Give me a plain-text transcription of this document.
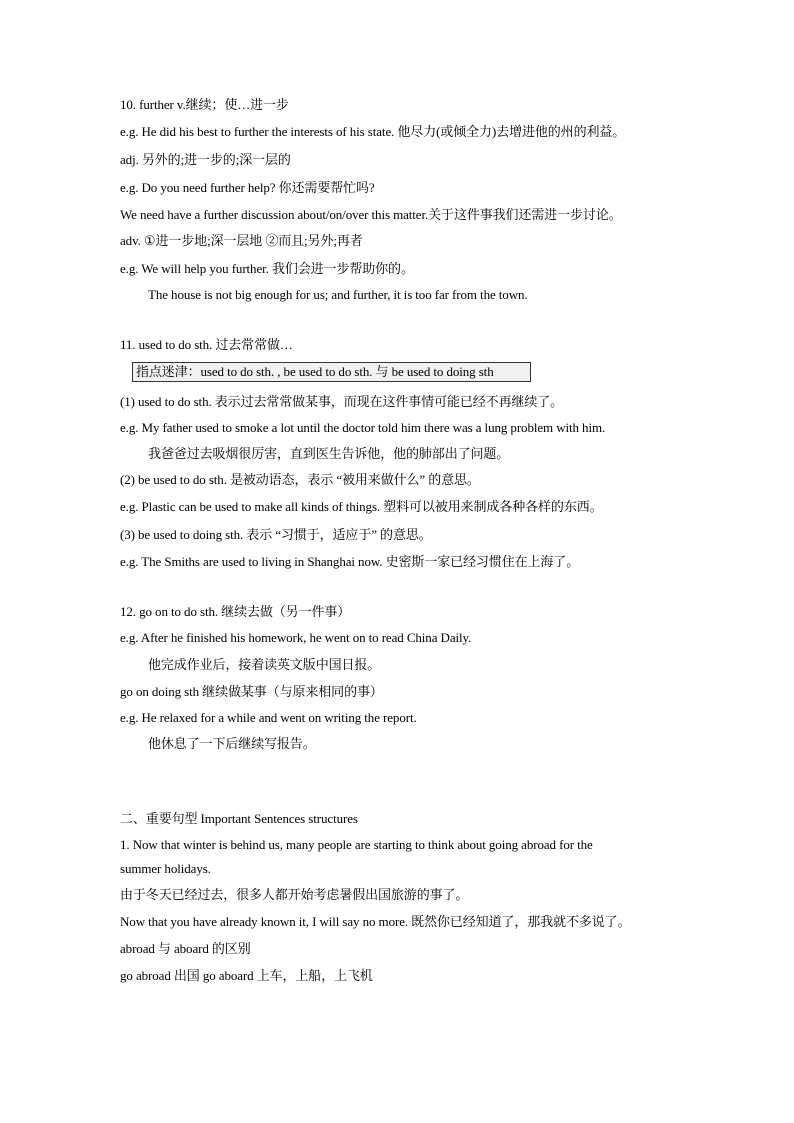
10. further v.继续；使…进一步
e.g. He did his best to further the interests of his state. 他尽力(或倾全力)去增进他的州的利益。
adj. 另外的;进一步的;深一层的
e.g. Do you need further help? 你还需要帮忙吗?
We need have a further discussion about/on/over this matter.关于这件事我们还需进一步讨论。
adv. ①进一步地;深一层地 ②而且;另外;再者
e.g. We will help you further. 我们会进一步帮助你的。
The house is not big enough for us; and further, it is too far from the town.
11. used to do sth. 过去常常做…
指点迷津：used to do sth. , be used to do sth. 与 be used to doing sth
(1) used to do sth. 表示过去常常做某事，而现在这件事情可能已经不再继续了。
e.g. My father used to smoke a lot until the doctor told him there was a lung problem with him.
我爸爸过去吸烟很厉害，直到医生告诉他，他的肺部出了问题。
(2) be used to do sth. 是被动语态，表示 “被用来做什么” 的意思。
e.g. Plastic can be used to make all kinds of things. 塑料可以被用来制成各种各样的东西。
(3) be used to doing sth. 表示 “习惯于，适应于” 的意思。
e.g. The Smiths are used to living in Shanghai now. 史密斯一家已经习惯住在上海了。
12. go on to do sth. 继续去做（另一件事）
e.g. After he finished his homework, he went on to read China Daily.
他完成作业后，接着读英文版中国日报。
go on doing sth 继续做某事（与原来相同的事）
e.g. He relaxed for a while and went on writing the report.
他休息了一下后继续写报告。
二、重要句型 Important Sentences structures
1. Now that winter is behind us, many people are starting to think about going abroad for the
summer holidays.
由于冬天已经过去，很多人都开始考虑暑假出国旅游的事了。
Now that you have already known it, I will say no more. 既然你已经知道了，那我就不多说了。
abroad 与 aboard 的区别
go abroad 出国 go aboard 上车，上船，上飞机
